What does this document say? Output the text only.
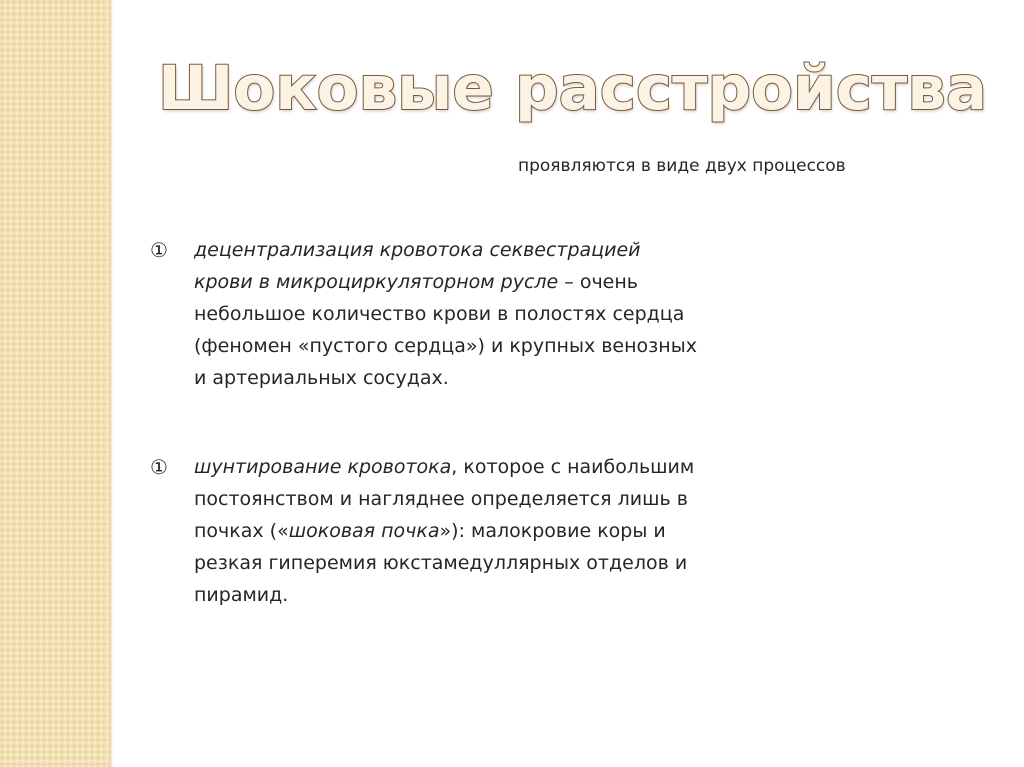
Шоковые расстройства
проявляются в виде двух процессов
①	децентрализация кровотока секвестрацией крови в микроциркуляторном русле – очень небольшое количество крови в полостях сердца (феномен «пустого сердца») и крупных венозных и артериальных сосудах.
①	шунтирование кровотока, которое с наибольшим постоянством и нагляднее определяется лишь в почках («шоковая почка»): малокровие коры и резкая гиперемия юкстамедуллярных отделов и пирамид.
